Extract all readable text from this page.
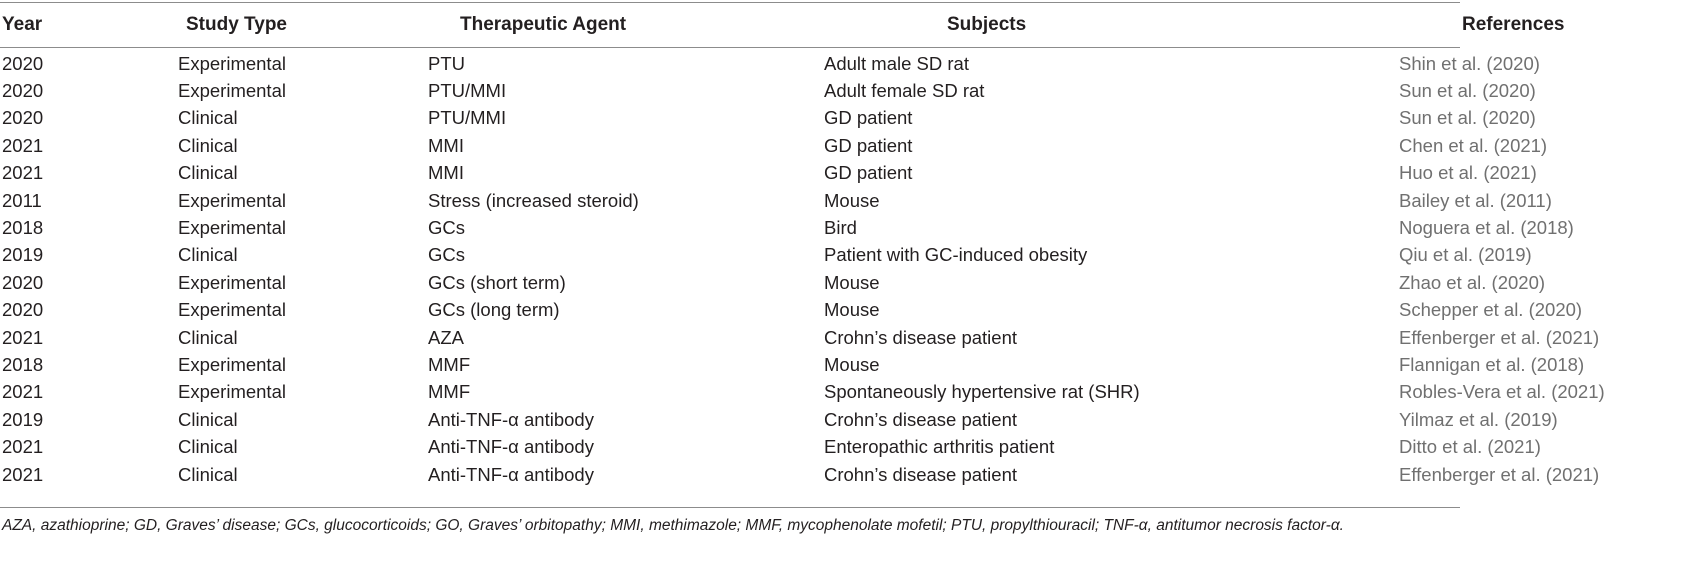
Year	Study Type	Therapeutic Agent	Subjects	References
2020	Experimental	PTU	Adult male SD rat	Shin et al. (2020)
2020	Experimental	PTU/MMI	Adult female SD rat	Sun et al. (2020)
2020	Clinical	PTU/MMI	GD patient	Sun et al. (2020)
2021	Clinical	MMI	GD patient	Chen et al. (2021)
2021	Clinical	MMI	GD patient	Huo et al. (2021)
2011	Experimental	Stress (increased steroid)	Mouse	Bailey et al. (2011)
2018	Experimental	GCs	Bird	Noguera et al. (2018)
2019	Clinical	GCs	Patient with GC-induced obesity	Qiu et al. (2019)
2020	Experimental	GCs (short term)	Mouse	Zhao et al. (2020)
2020	Experimental	GCs (long term)	Mouse	Schepper et al. (2020)
2021	Clinical	AZA	Crohn’s disease patient	Effenberger et al. (2021)
2018	Experimental	MMF	Mouse	Flannigan et al. (2018)
2021	Experimental	MMF	Spontaneously hypertensive rat (SHR)	Robles-Vera et al. (2021)
2019	Clinical	Anti-TNF-α antibody	Crohn’s disease patient	Yilmaz et al. (2019)
2021	Clinical	Anti-TNF-α antibody	Enteropathic arthritis patient	Ditto et al. (2021)
2021	Clinical	Anti-TNF-α antibody	Crohn’s disease patient	Effenberger et al. (2021)
AZA, azathioprine; GD, Graves’ disease; GCs, glucocorticoids; GO, Graves’ orbitopathy; MMI, methimazole; MMF, mycophenolate mofetil; PTU, propylthiouracil; TNF-α, antitumor necrosis factor-α.
